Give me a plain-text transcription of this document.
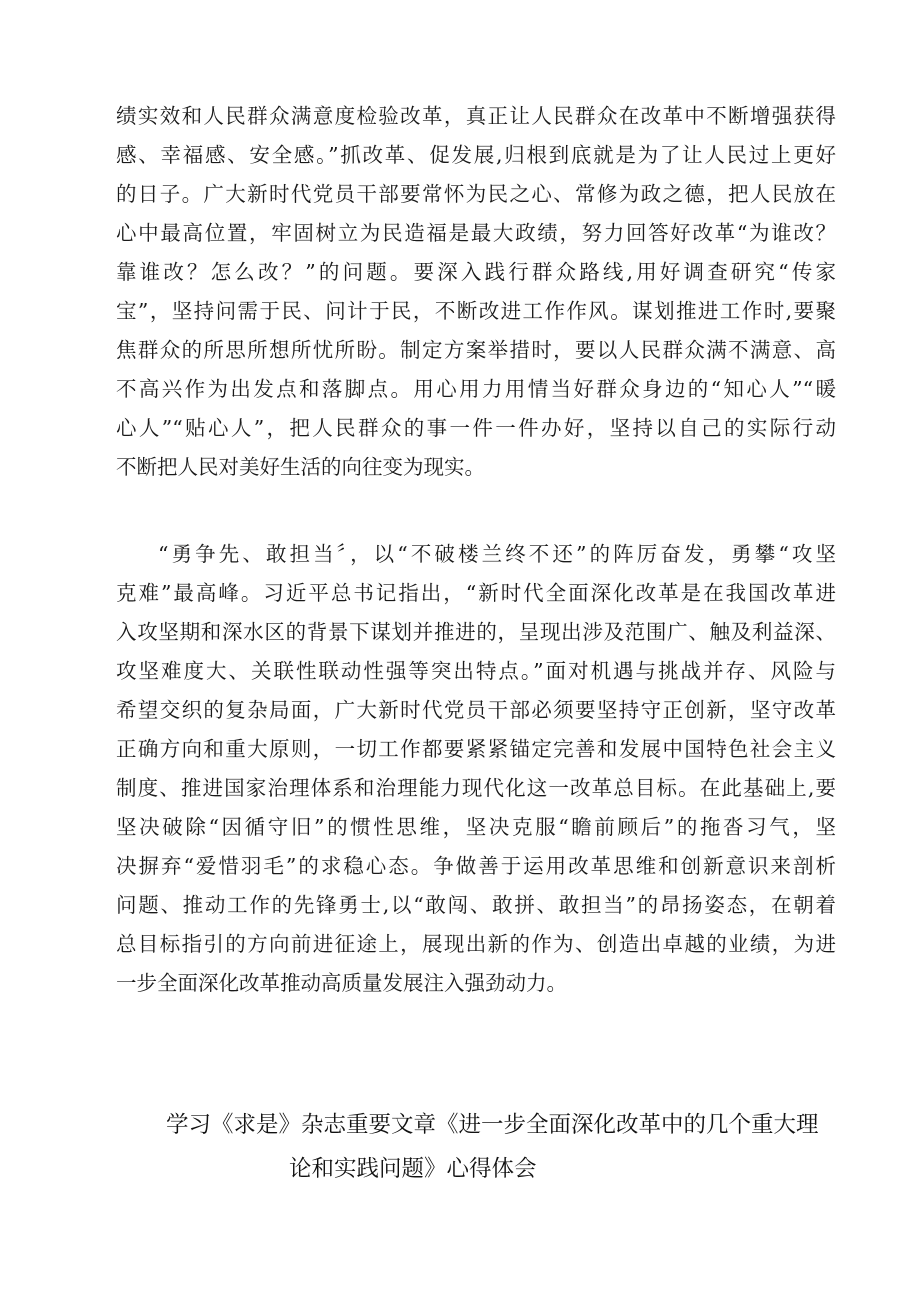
绩实效和人民群众满意度检验改革，真正让人民群众在改革中不断增强获得
感、幸福感、安全感。”抓改革、促发展,归根到底就是为了让人民过上更好
的日子。广大新时代党员干部要常怀为民之心、常修为政之德，把人民放在
心中最高位置，牢固树立为民造福是最大政绩，努力回答好改革“为谁改？
靠谁改？怎么改？”的问题。要深入践行群众路线,用好调查研究“传家
宝”，坚持问需于民、问计于民，不断改进工作作风。谋划推进工作时,要聚
焦群众的所思所想所忧所盼。制定方案举措时，要以人民群众满不满意、高
不高兴作为出发点和落脚点。用心用力用情当好群众身边的“知心人”“暖
心人”“贴心人”，把人民群众的事一件一件办好，坚持以自己的实际行动
不断把人民对美好生活的向往变为现实。
“勇争先、敢担当〞，以“不破楼兰终不还”的阵厉奋发，勇攀“攻坚
克难”最高峰。习近平总书记指出，“新时代全面深化改革是在我国改革进
入攻坚期和深水区的背景下谋划并推进的，呈现出涉及范围广、触及利益深、
攻坚难度大、关联性联动性强等突出特点。”面对机遇与挑战并存、风险与
希望交织的复杂局面，广大新时代党员干部必须要坚持守正创新，坚守改革
正确方向和重大原则，一切工作都要紧紧锚定完善和发展中国特色社会主义
制度、推进国家治理体系和治理能力现代化这一改革总目标。在此基础上,要
坚决破除“因循守旧”的惯性思维，坚决克服“瞻前顾后”的拖沓习气，坚
决摒弃“爱惜羽毛”的求稳心态。争做善于运用改革思维和创新意识来剖析
问题、推动工作的先锋勇士,以“敢闯、敢拼、敢担当”的昂扬姿态，在朝着
总目标指引的方向前进征途上，展现出新的作为、创造出卓越的业绩，为进
一步全面深化改革推动高质量发展注入强劲动力。
学习《求是》杂志重要文章《进一步全面深化改革中的几个重大理
论和实践问题》心得体会
